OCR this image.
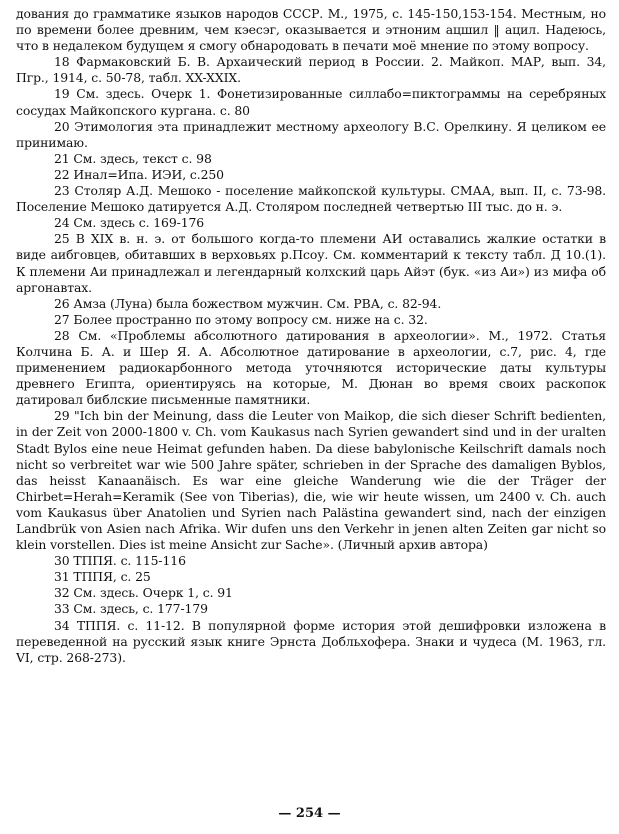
дования до грамматике языков народов СССР. М., 1975, с. 145-150,153-154. Местным, но по времени более древним, чем кэесэг, оказывается и этноним ацшил ‖ ацил. Надеюсь, что в недалеком будущем я смогу обнародовать в печати моё мнение по этому вопросу.

18 Фармаковский Б. В. Архаический период в России. 2. Майкоп. МАР, вып. 34, Пгр., 1914, с. 50-78, табл. XX-XXIX.

19 См. здесь. Очерк 1. Фонетизированные силлабо=пиктограммы на серебряных сосудах Майкопского кургана. с. 80

20 Этимология эта принадлежит местному археологу В.С. Орелкину. Я целиком ее принимаю.

21 См. здесь, текст с. 98

22 Инал=Ипа. ИЭИ, с.250

23 Столяр А.Д. Мешоко - поселение майкопской культуры. СМАА, вып. II, с. 73-98. Поселение Мешоко датируется А.Д. Столяром последней четвертью III тыс. до н. э.

24 См. здесь с. 169-176

25 В XIX в. н. э. от большого когда-то племени АИ оставались жалкие остатки в виде аибговцев, обитавших в верховьях р.Псоу. См. комментарий к тексту табл. Д 10.(1). К племени Аи принадлежал и легендарный колхский царь Айэт (бук. «из Аи») из мифа об аргонавтах.

26 Амза (Луна) была божеством мужчин. См. РВА, с. 82-94.

27 Более пространно по этому вопросу см. ниже на с. 32.

28 См. «Проблемы абсолютного датирования в археологии». М., 1972. Статья Колчина Б. А. и Шер Я. А. Абсолютное датирование в археологии, с.7, рис. 4, где применением радиокарбонного метода уточняются исторические даты культуры древнего Египта, ориентируясь на которые, М. Дюнан во время своих раскопок датировал библские письменные памятники.

29 "Ich bin der Meinung, dass die Leuter von Maikop, die sich dieser Schrift bedienten, in der Zeit von 2000-1800 v. Ch. vom Kaukasus nach Syrien gewandert sind und in der uralten Stadt Bylos eine neue Heimat gefunden haben. Da diese babylonische Keilschrift damals noch nicht so verbreitet war wie 500 Jahre später, schrieben in der Sprache des damaligen Byblos, das heisst Kanaanäisch. Es war eine gleiche Wanderung wie die der Träger der Chirbet=Herah=Keramik (See von Tiberias), die, wie wir heute wissen, um 2400 v. Ch. auch vom Kaukasus über Anatolien und Syrien nach Palästina gewandert sind, nach der einzigen Landbrük von Asien nach Afrika. Wir dufen uns den Verkehr in jenen alten Zeiten gar nicht so klein vorstellen. Dies ist meine Ansicht zur Sache». (Личный архив автора)

30 ТППЯ. с. 115-116

31 ТППЯ, с. 25

32 См. здесь. Очерк 1, с. 91

33 См. здесь, с. 177-179

34 ТППЯ. с. 11-12. В популярной форме история этой дешифровки изложена в переведенной на русский язык книге Эрнста Добльхофера. Знаки и чудеса (М. 1963, гл. VI, стр. 268-273).

— 254 —
